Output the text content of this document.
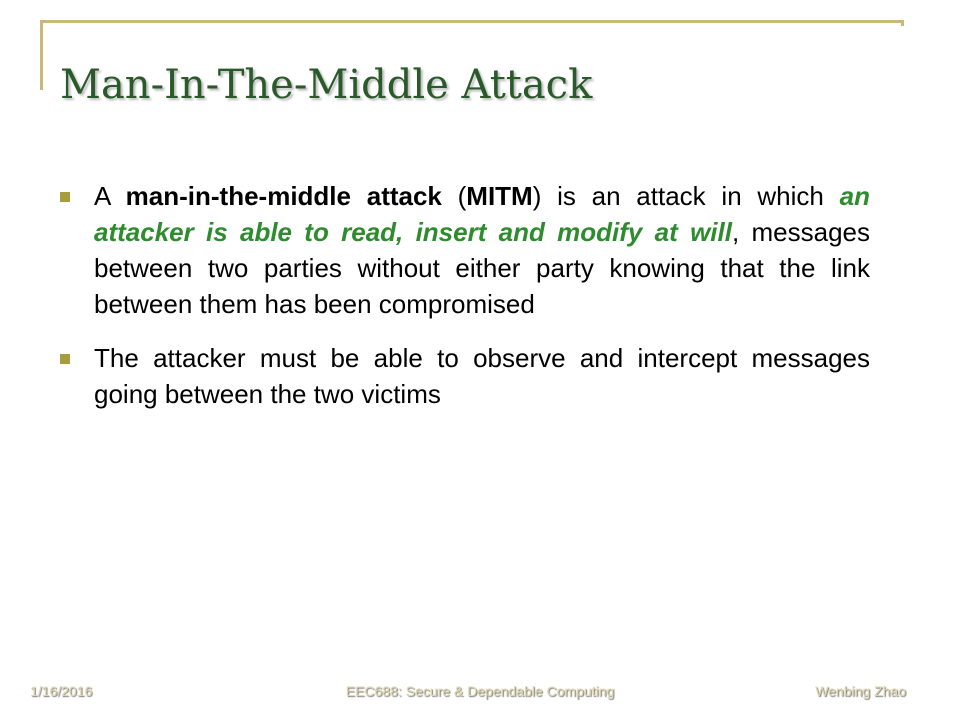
Man-In-The-Middle Attack
A man-in-the-middle attack (MITM) is an attack in which an attacker is able to read, insert and modify at will, messages between two parties without either party knowing that the link between them has been compromised
The attacker must be able to observe and intercept messages going between the two victims
EEC688: Secure & Dependable Computing
1/16/2016	Wenbing Zhao
